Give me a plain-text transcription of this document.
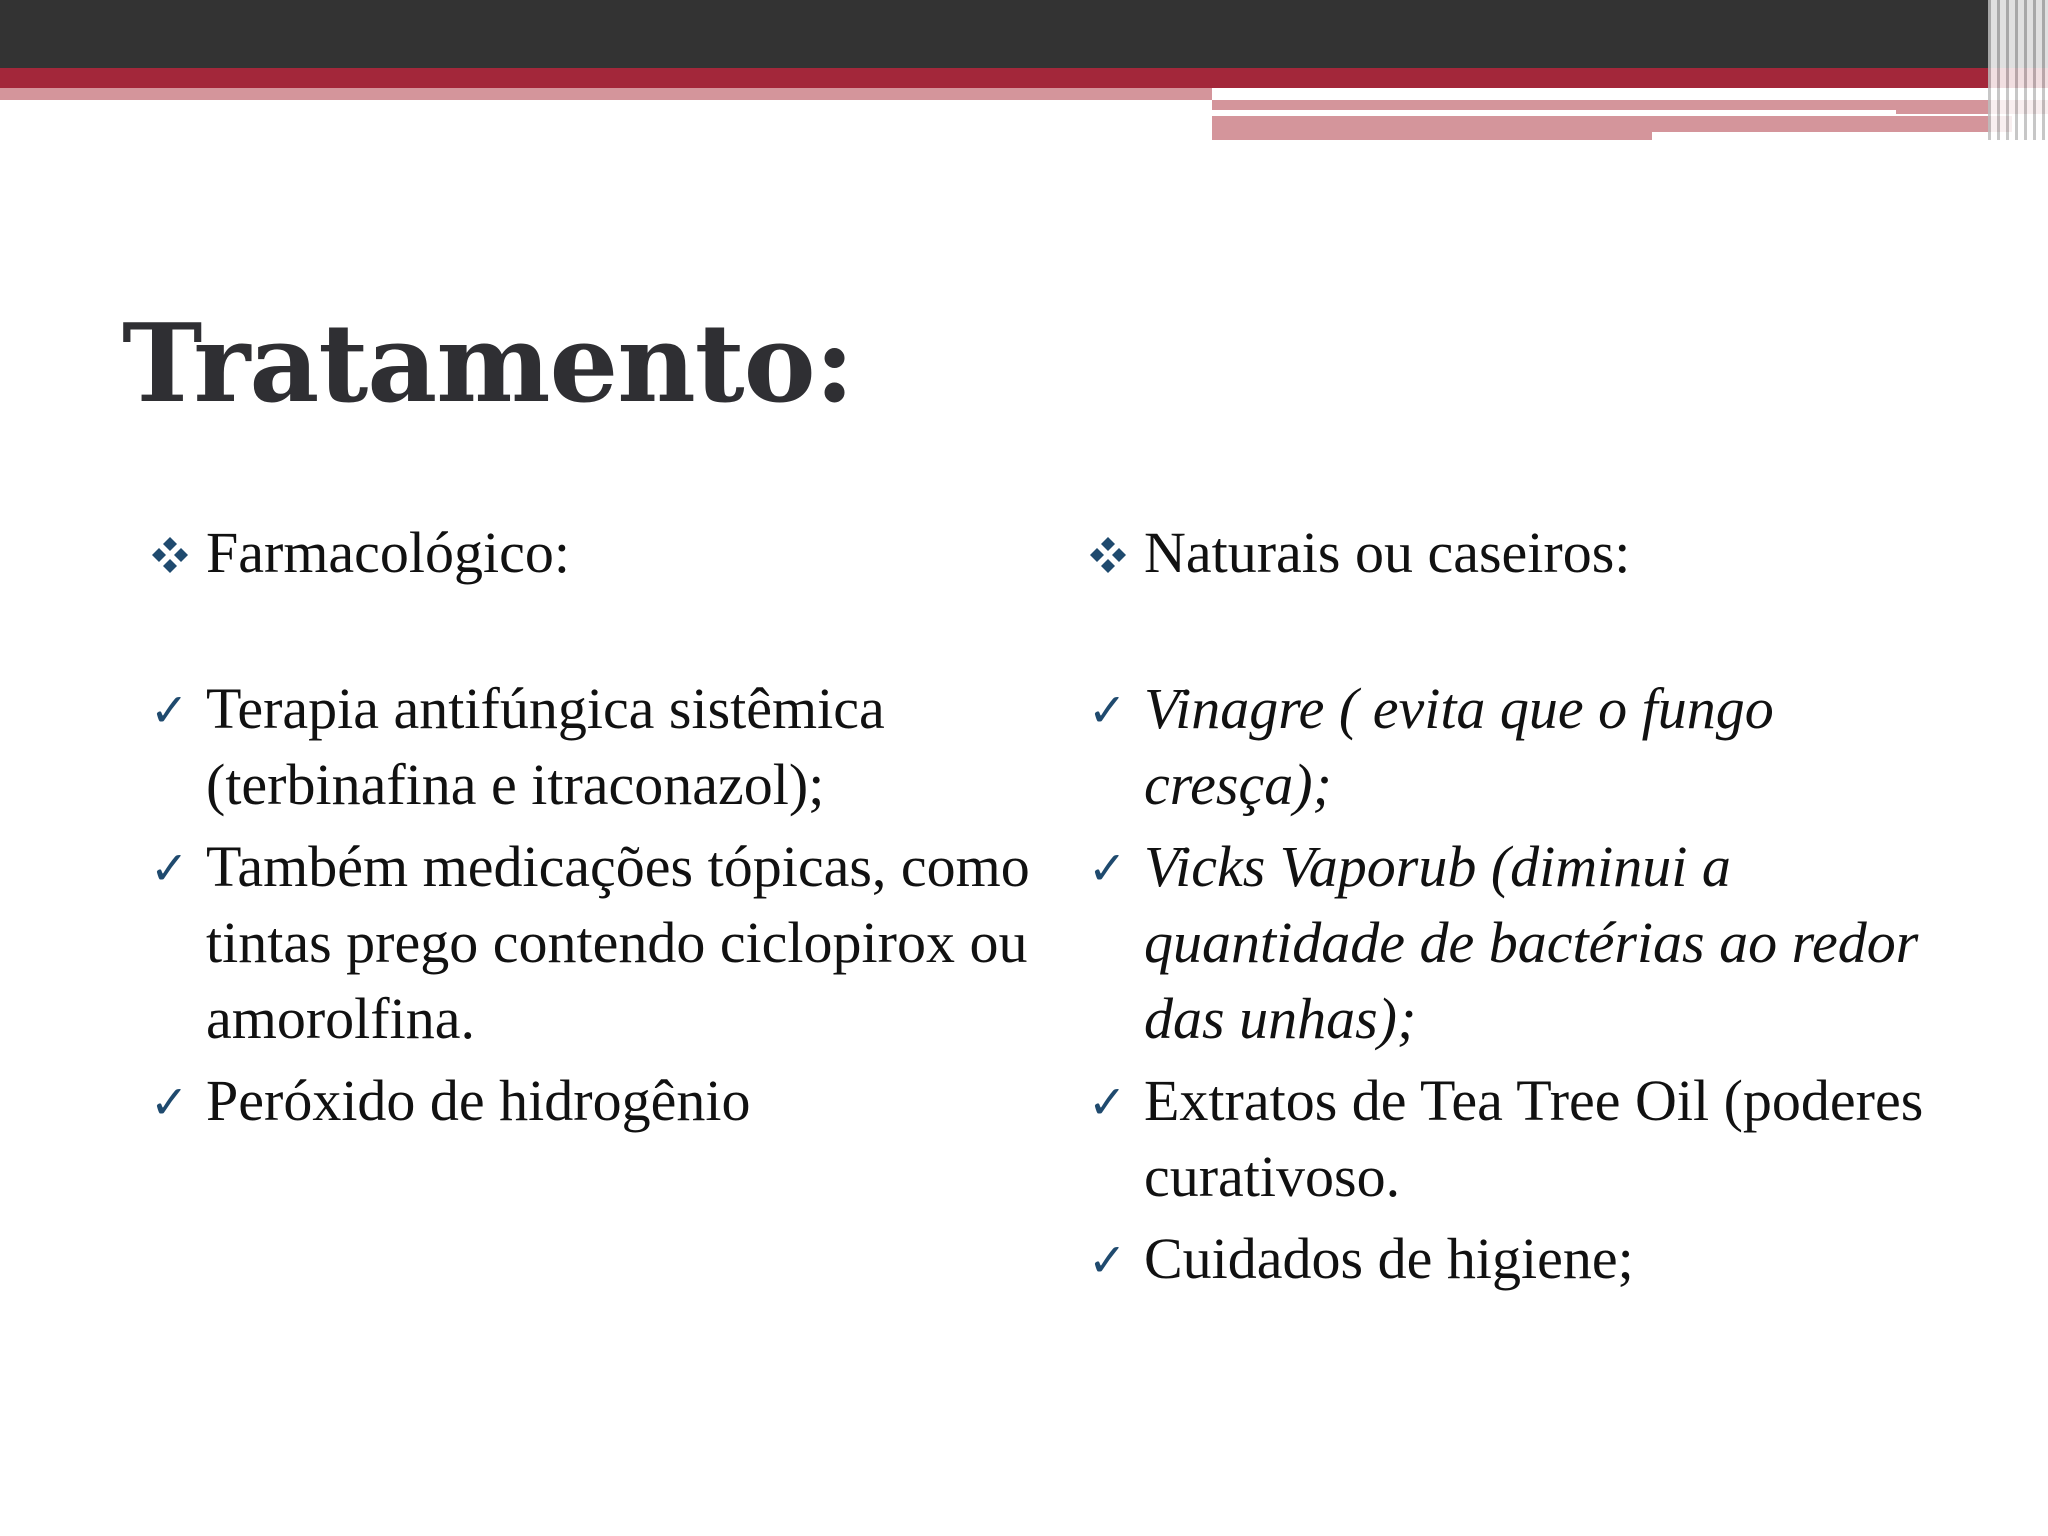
Tratamento:
Farmacológico:
✓ Terapia antifúngica sistêmica (terbinafina e itraconazol);
✓ Também medicações tópicas, como tintas prego contendo ciclopirox ou amorolfina.
✓ Peróxido de hidrogênio
Naturais ou caseiros:
✓ Vinagre ( evita que o fungo cresça);
✓ Vicks Vaporub (diminui a quantidade de bactérias ao redor das unhas);
✓ Extratos de Tea Tree Oil (poderes curativoso.
✓ Cuidados de higiene;
